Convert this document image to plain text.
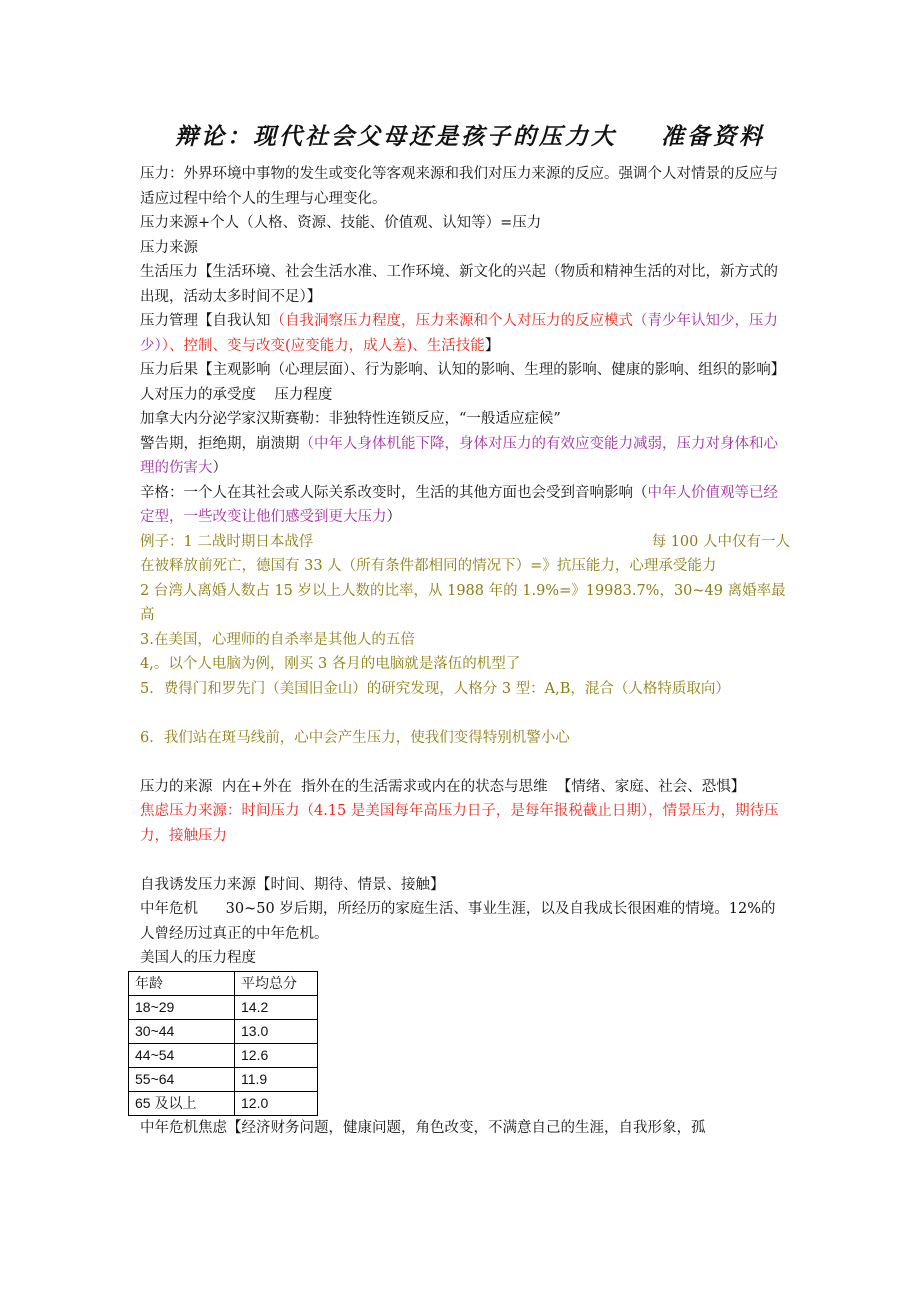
辩论：现代社会父母还是孩子的压力大    准备资料

压力：外界环境中事物的发生或变化等客观来源和我们对压力来源的反应。强调个人对情景的反应与适应过程中给个人的生理与心理变化。

压力来源+个人（人格、资源、技能、价值观、认知等）=压力

压力来源

生活压力【生活环境、社会生活水准、工作环境、新文化的兴起（物质和精神生活的对比，新方式的出现，活动太多时间不足）】

压力管理【自我认知（自我洞察压力程度，压力来源和个人对压力的反应模式（青少年认知少，压力少））、控制、变与改变(应变能力，成人差)、生活技能】

压力后果【主观影响（心理层面）、行为影响、认知的影响、生理的影响、健康的影响、组织的影响】

人对压力的承受度    压力程度

加拿大内分泌学家汉斯赛勒：非独特性连锁反应，“一般适应症候”

警告期，拒绝期，崩溃期（中年人身体机能下降，身体对压力的有效应变能力减弱，压力对身体和心理的伤害大）

辛格：一个人在其社会或人际关系改变时，生活的其他方面也会受到音响影响（中年人价值观等已经定型，一些改变让他们感受到更大压力）

例子：1 二战时期日本战俘	每 100 人中仅有一人

在被释放前死亡，德国有 33 人（所有条件都相同的情况下）=》抗压能力，心理承受能力

2 台湾人离婚人数占 15 岁以上人数的比率，从 1988 年的 1.9%=》19983.7%，30~49 离婚率最高

3.在美国，心理师的自杀率是其他人的五倍

4,。以个人电脑为例，刚买 3 各月的电脑就是落伍的机型了

5．费得门和罗先门（美国旧金山）的研究发现，人格分 3 型：A,B，混合（人格特质取向）

6．我们站在斑马线前，心中会产生压力，使我们变得特别机警小心

压力的来源  内在+外在  指外在的生活需求或内在的状态与思维  【情绪、家庭、社会、恐惧】

焦虑压力来源：时间压力（4.15 是美国每年高压力日子，是每年报税截止日期），情景压力，期待压力，接触压力

自我诱发压力来源【时间、期待、情景、接触】

中年危机      30~50 岁后期，所经历的家庭生活、事业生涯，以及自我成长很困难的情境。12%的人曾经历过真正的中年危机。

美国人的压力程度

年龄	平均总分
18~29	14.2
30~44	13.0
44~54	12.6
55~64	11.9
65 及以上	12.0

中年危机焦虑【经济财务问题，健康问题，角色改变，不满意自己的生涯，自我形象，孤
